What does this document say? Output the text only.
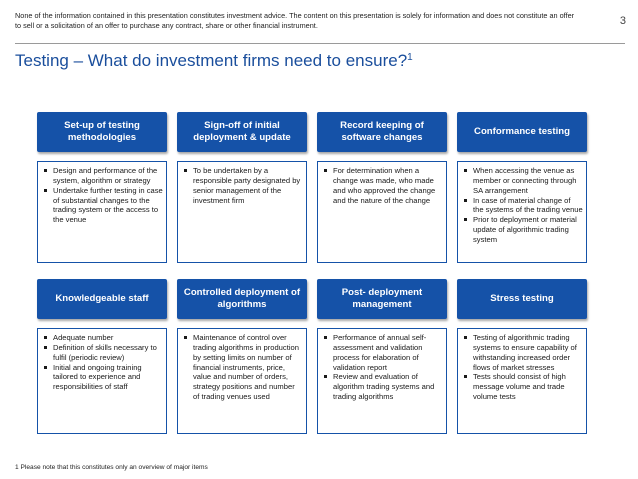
None of the information contained in this presentation constitutes investment advice. The content on this presentation is solely for information and does not constitute an offer to sell or a solicitation of an offer to purchase any contract, share or other financial instrument.	3
Testing – What do investment firms need to ensure?$^1$
Set-up of testing methodologies
Design and performance of the system, algorithm or strategy
Undertake further testing in case of substantial changes to the trading system or the access to the venue
Sign-off of initial deployment & update
To be undertaken by a responsible party designated by senior management of the investment firm
Record keeping of software changes
For determination when a change was made, who made and who approved the change and the nature of the change
Conformance testing
When accessing the venue as member or connecting through SA arrangement
In case of material change of the systems of the trading venue
Prior to deployment or material update of algorithmic trading system
Knowledgeable staff
Adequate number
Definition of skills necessary to fulfil (periodic review)
Initial and ongoing training tailored to experience and responsibilities of staff
Controlled deployment of algorithms
Maintenance of control over trading algorithms in production by setting limits on number of financial instruments, price, value and number of orders, strategy positions and number of trading venues used
Post- deployment management
Performance of annual self-assessment and validation process for elaboration of validation report
Review and evaluation of algorithm trading systems and trading algorithms
Stress testing
Testing of algorithmic trading systems to ensure capability of withstanding increased order flows of market stresses
Tests should consist of high message volume and trade volume tests
1 Please note that this constitutes only an overview of major items
